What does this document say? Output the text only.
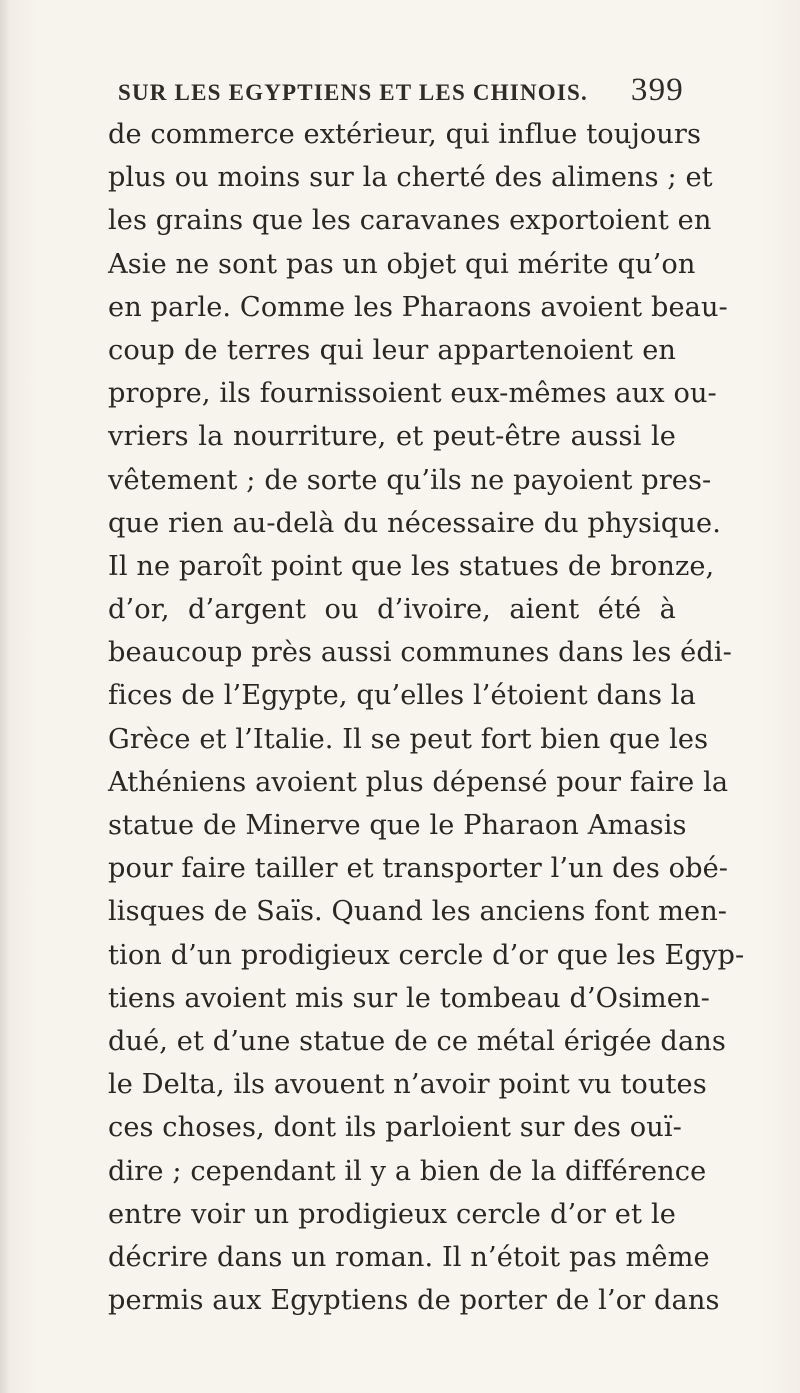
SUR LES EGYPTIENS ET LES CHINOIS. 399
de commerce extérieur, qui influe toujours
plus ou moins sur la cherté des alimens ; et
les grains que les caravanes exportoient en
Asie ne sont pas un objet qui mérite qu’on
en parle. Comme les Pharaons avoient beau-
coup de terres qui leur appartenoient en
propre, ils fournissoient eux-mêmes aux ou-
vriers la nourriture, et peut-être aussi le
vêtement ; de sorte qu’ils ne payoient pres-
que rien au-delà du nécessaire du physique.
Il ne paroît point que les statues de bronze,
d’or, d’argent ou d’ivoire, aient été à
beaucoup près aussi communes dans les édi-
fices de l’Egypte, qu’elles l’étoient dans la
Grèce et l’Italie. Il se peut fort bien que les
Athéniens avoient plus dépensé pour faire la
statue de Minerve que le Pharaon Amasis
pour faire tailler et transporter l’un des obé-
lisques de Saïs. Quand les anciens font men-
tion d’un prodigieux cercle d’or que les Egyp-
tiens avoient mis sur le tombeau d’Osimen-
dué, et d’une statue de ce métal érigée dans
le Delta, ils avouent n’avoir point vu toutes
ces choses, dont ils parloient sur des ouï-
dire ; cependant il y a bien de la différence
entre voir un prodigieux cercle d’or et le
décrire dans un roman. Il n’étoit pas même
permis aux Egyptiens de porter de l’or dans
